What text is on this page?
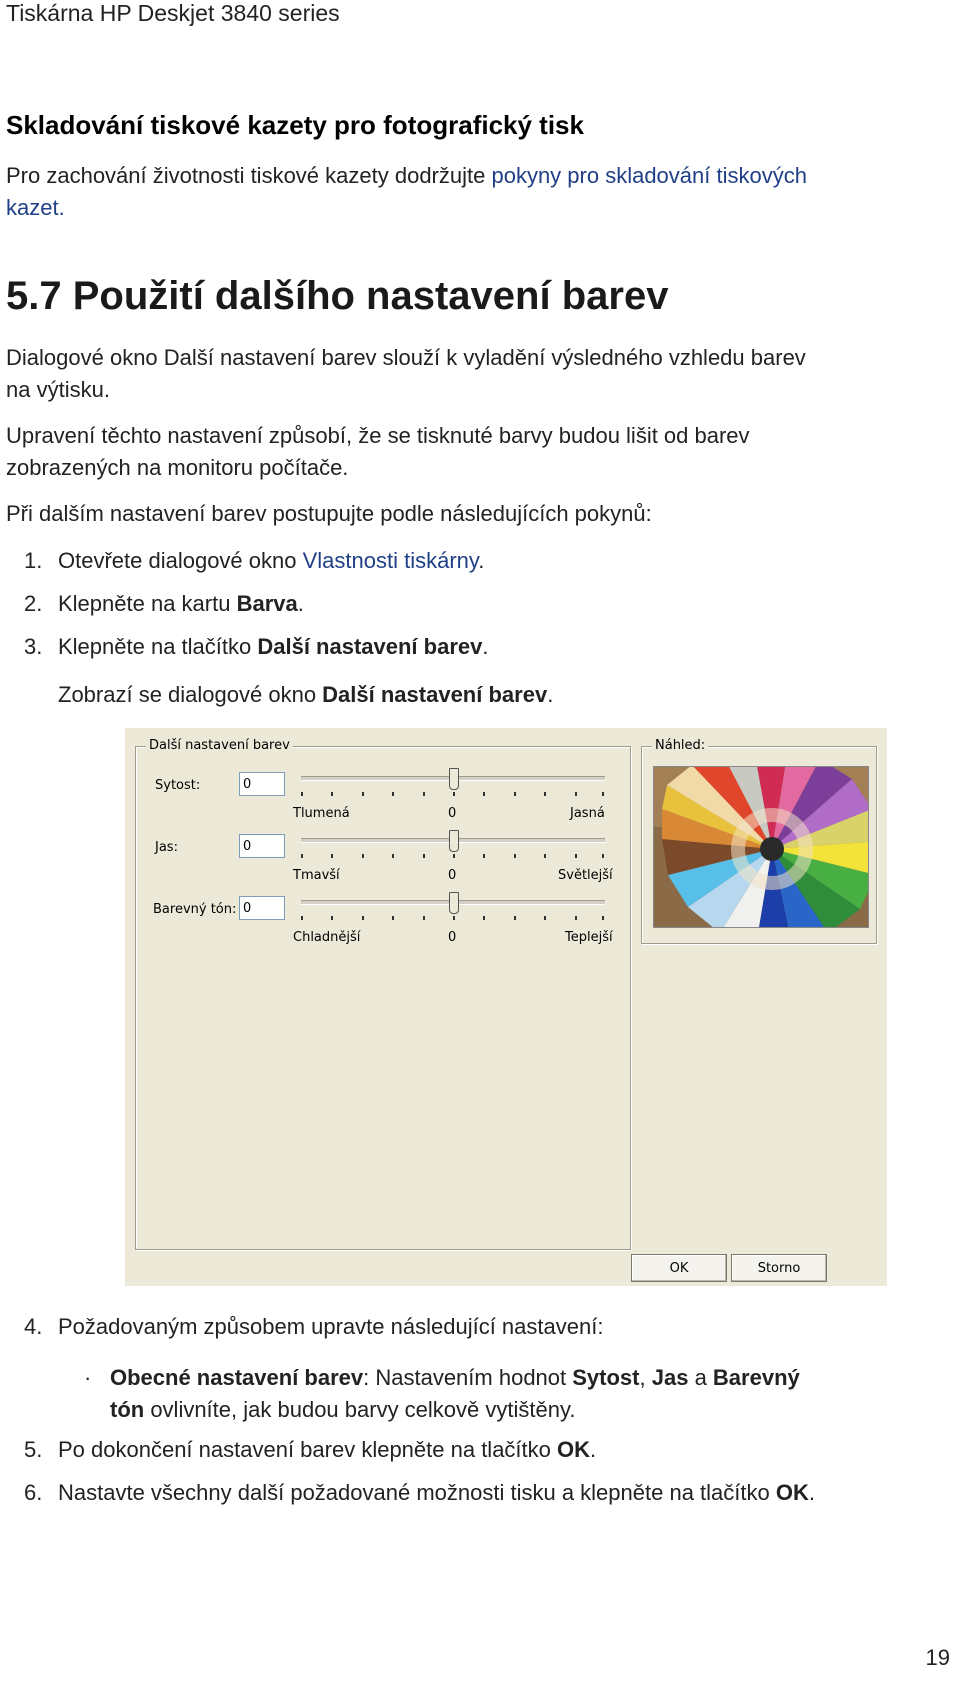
Tiskárna HP Deskjet 3840 series
Skladování tiskové kazety pro fotografický tisk

Pro zachování životnosti tiskové kazety dodržujte pokyny pro skladování tiskových

kazet.

5.7 Použití dalšího nastavení barev

Dialogové okno Další nastavení barev slouží k vyladění výsledného vzhledu barev

na výtisku.

Upravení těchto nastavení způsobí, že se tisknuté barvy budou lišit od barev

zobrazených na monitoru počítače.

Při dalším nastavení barev postupujte podle následujících pokynů:

1. Otevřete dialogové okno Vlastnosti tiskárny.
2. Klepněte na kartu Barva.
3. Klepněte na tlačítko Další nastavení barev.
Zobrazí se dialogové okno Další nastavení barev.
Další nastavení barev
Sytost:	0
Tlumená	0	Jasná
Jas:	0
Tmavší	0	Světlejší
Barevný tón: 0
Chladnější	0	Teplejší
Náhled:
OK	Storno
4. Požadovaným způsobem upravte následující nastavení:
· Obecné nastavení barev: Nastavením hodnot Sytost, Jas a Barevný
tón ovlivníte, jak budou barvy celkově vytištěny.
5. Po dokončení nastavení barev klepněte na tlačítko OK.
6. Nastavte všechny další požadované možnosti tisku a klepněte na tlačítko OK.
19
